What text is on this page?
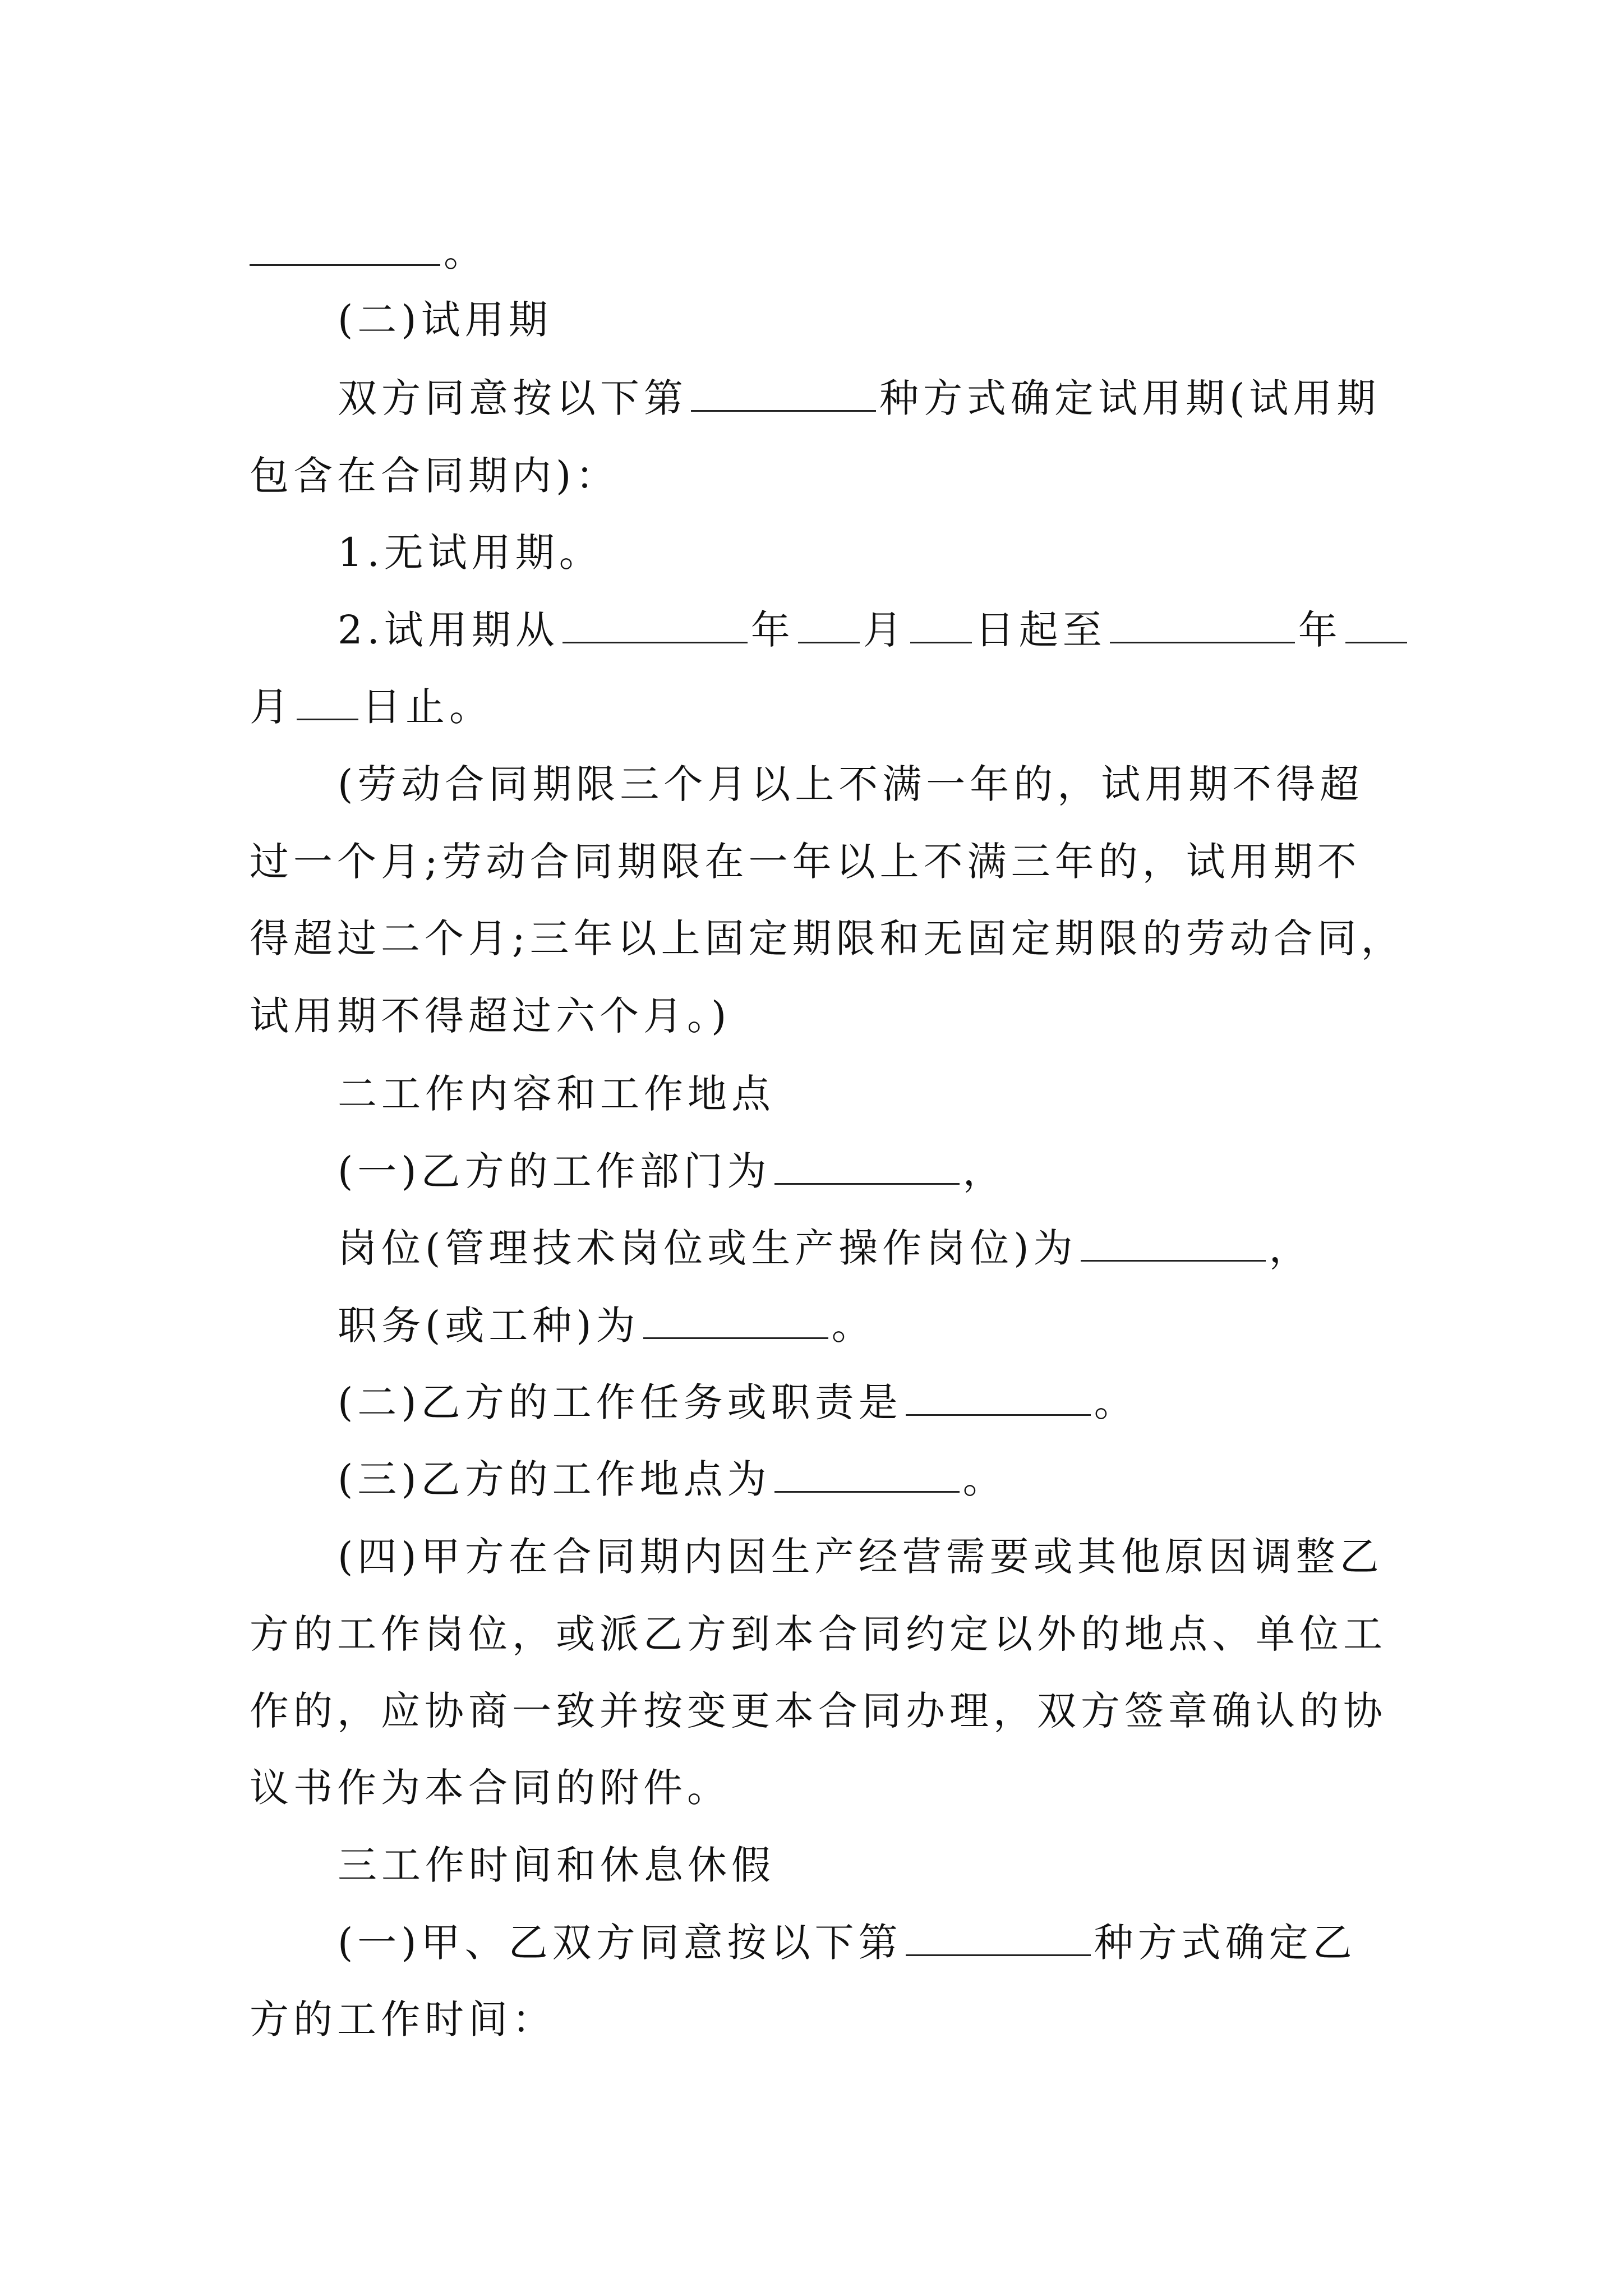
。
(二)试用期
双方同意按以下第	种方式确定试用期(试用期
包含在合同期内)：
1.无试用期。
2.试用期从	年 月 日起至	年
月 日止。
(劳动合同期限三个月以上不满一年的，试用期不得超
过一个月;劳动合同期限在一年以上不满三年的，试用期不
得超过二个月;三年以上固定期限和无固定期限的劳动合同，
试用期不得超过六个月。)
二工作内容和工作地点
(一)乙方的工作部门为	，
岗位(管理技术岗位或生产操作岗位)为	，
职务(或工种)为	。
(二)乙方的工作任务或职责是	。
(三)乙方的工作地点为	。
(四)甲方在合同期内因生产经营需要或其他原因调整乙
方的工作岗位，或派乙方到本合同约定以外的地点、单位工
作的，应协商一致并按变更本合同办理，双方签章确认的协
议书作为本合同的附件。
三工作时间和休息休假
(一)甲、乙双方同意按以下第	种方式确定乙
方的工作时间：
